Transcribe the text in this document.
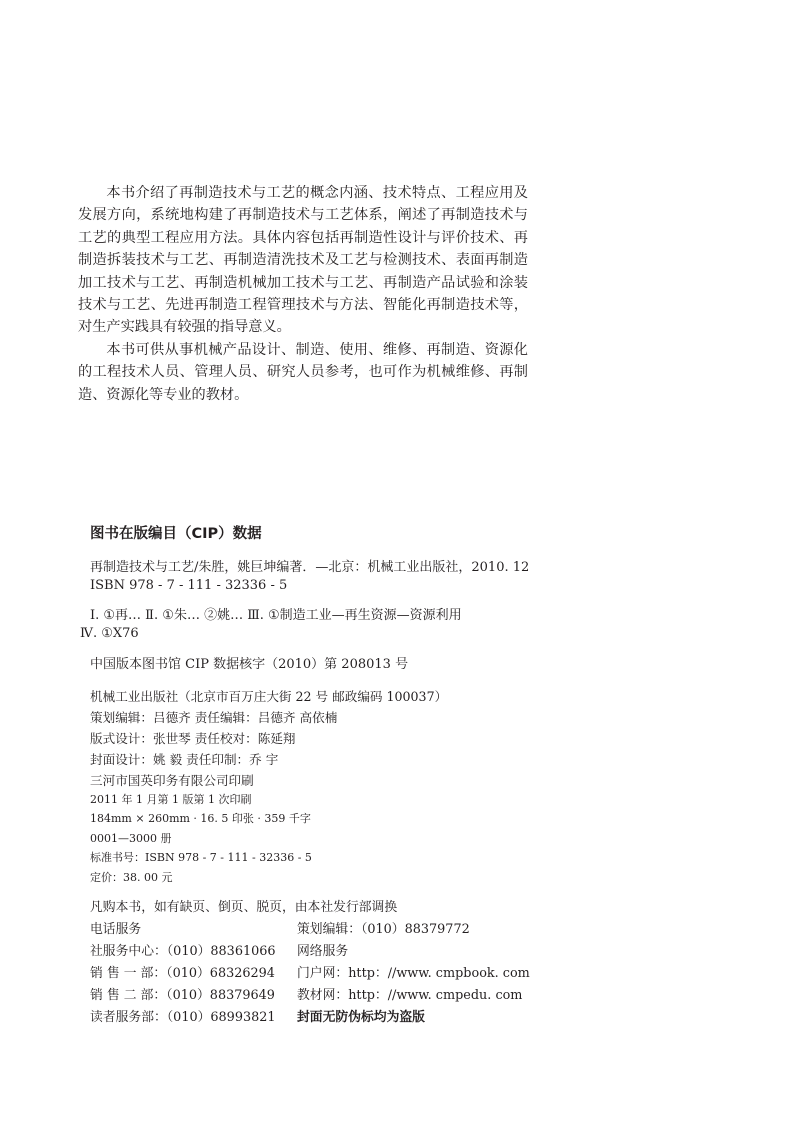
本书介绍了再制造技术与工艺的概念内涵、技术特点、工程应用及发展方向，系统地构建了再制造技术与工艺体系，阐述了再制造技术与工艺的典型工程应用方法。具体内容包括再制造性设计与评价技术、再制造拆装技术与工艺、再制造清洗技术及工艺与检测技术、表面再制造加工技术与工艺、再制造机械加工技术与工艺、再制造产品试验和涂装技术与工艺、先进再制造工程管理技术与方法、智能化再制造技术等，对生产实践具有较强的指导意义。

本书可供从事机械产品设计、制造、使用、维修、再制造、资源化的工程技术人员、管理人员、研究人员参考，也可作为机械维修、再制造、资源化等专业的教材。

图书在版编目（CIP）数据
再制造技术与工艺/朱胜，姚巨坤编著．—北京：机械工业出版社，2010. 12
ISBN 978 - 7 - 111 - 32336 - 5
Ⅰ. ①再… Ⅱ. ①朱… ②姚… Ⅲ. ①制造工业—再生资源—资源利用
Ⅳ. ①X76
中国版本图书馆 CIP 数据核字（2010）第 208013 号
机械工业出版社（北京市百万庄大街 22 号 邮政编码 100037）
策划编辑：吕德齐 责任编辑：吕德齐 高依楠
版式设计：张世琴 责任校对：陈延翔
封面设计：姚 毅 责任印制：乔 宇
三河市国英印务有限公司印刷
2011 年 1 月第 1 版第 1 次印刷
184mm × 260mm · 16. 5 印张 · 359 千字
0001—3000 册
标准书号：ISBN 978 - 7 - 111 - 32336 - 5
定价：38. 00 元
凡购本书，如有缺页、倒页、脱页，由本社发行部调换
电话服务	策划编辑：（010）88379772
社服务中心：（010）88361066 网络服务
销 售 一 部：（010）68326294 门户网：http：//www. cmpbook. com
销 售 二 部：（010）88379649 教材网：http：//www. cmpedu. com
读者服务部：（010）68993821 封面无防伪标均为盗版
